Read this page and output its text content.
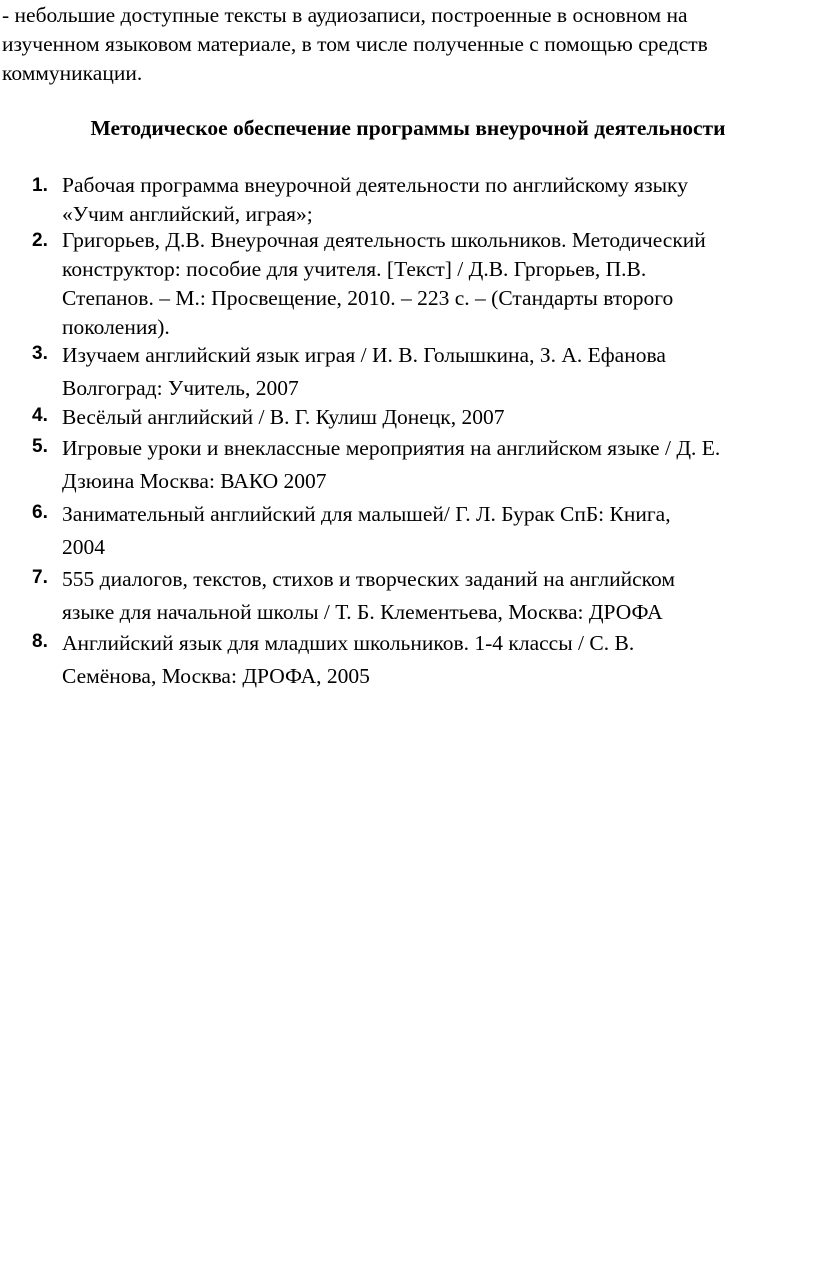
- небольшие доступные тексты в аудиозаписи, построенные в основном на
изученном языковом материале, в том числе полученные с помощью средств
коммуникации.
Методическое обеспечение программы внеурочной деятельности
1. Рабочая программа внеурочной деятельности по английскому языку
«Учим английский, играя»;
2. Григорьев, Д.В. Внеурочная деятельность школьников. Методический
конструктор: пособие для учителя. [Текст] / Д.В. Гргорьев, П.В.
Степанов. – М.: Просвещение, 2010. – 223 с. – (Стандарты второго
поколения).
3. Изучаем английский язык играя / И. В. Голышкина, З. А. Ефанова
Волгоград: Учитель, 2007
4. Весёлый английский / В. Г. Кулиш Донецк, 2007
5. Игровые уроки и внеклассные мероприятия на английском языке / Д. Е.
Дзюина Москва: ВАКО 2007
6. Занимательный английский для малышей/ Г. Л. Бурак СпБ: Книга,
2004
7. 555 диалогов, текстов, стихов и творческих заданий на английском
языке для начальной школы / Т. Б. Клементьева, Москва: ДРОФА
8. Английский язык для младших школьников. 1-4 класcы / С. В.
Семёнова, Москва: ДРОФА, 2005
